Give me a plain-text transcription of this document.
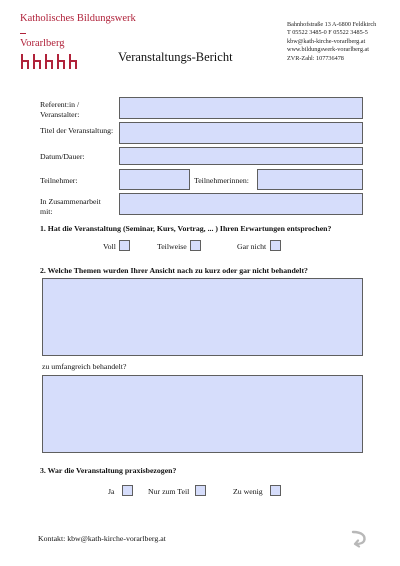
Katholisches Bildungswerk
Vorarlberg
Bahnhofstraße 13 A-6800 Feldkirch
T 05522 3485-0 F 05522 3485-5
kbw@kath-kirche-vorarlberg.at
www.bildungswerk-vorarlberg.at
ZVR-Zahl: 107736478
Veranstaltungs-Bericht
Referent:in / Veranstalter:
Titel der Veranstaltung:
Datum/Dauer:
Teilnehmer:	Teilnehmerinnen:
In Zusammenarbeit mit:
1. Hat die Veranstaltung (Seminar, Kurs, Vortrag, ... ) Ihren Erwartungen entsprochen?
Voll	Teilweise	Gar nicht
2. Welche Themen wurden Ihrer Ansicht nach zu kurz oder gar nicht behandelt?
zu umfangreich behandelt?
3. War die Veranstaltung praxisbezogen?
Ja	Nur zum Teil	Zu wenig
Kontakt: kbw@kath-kirche-vorarlberg.at
